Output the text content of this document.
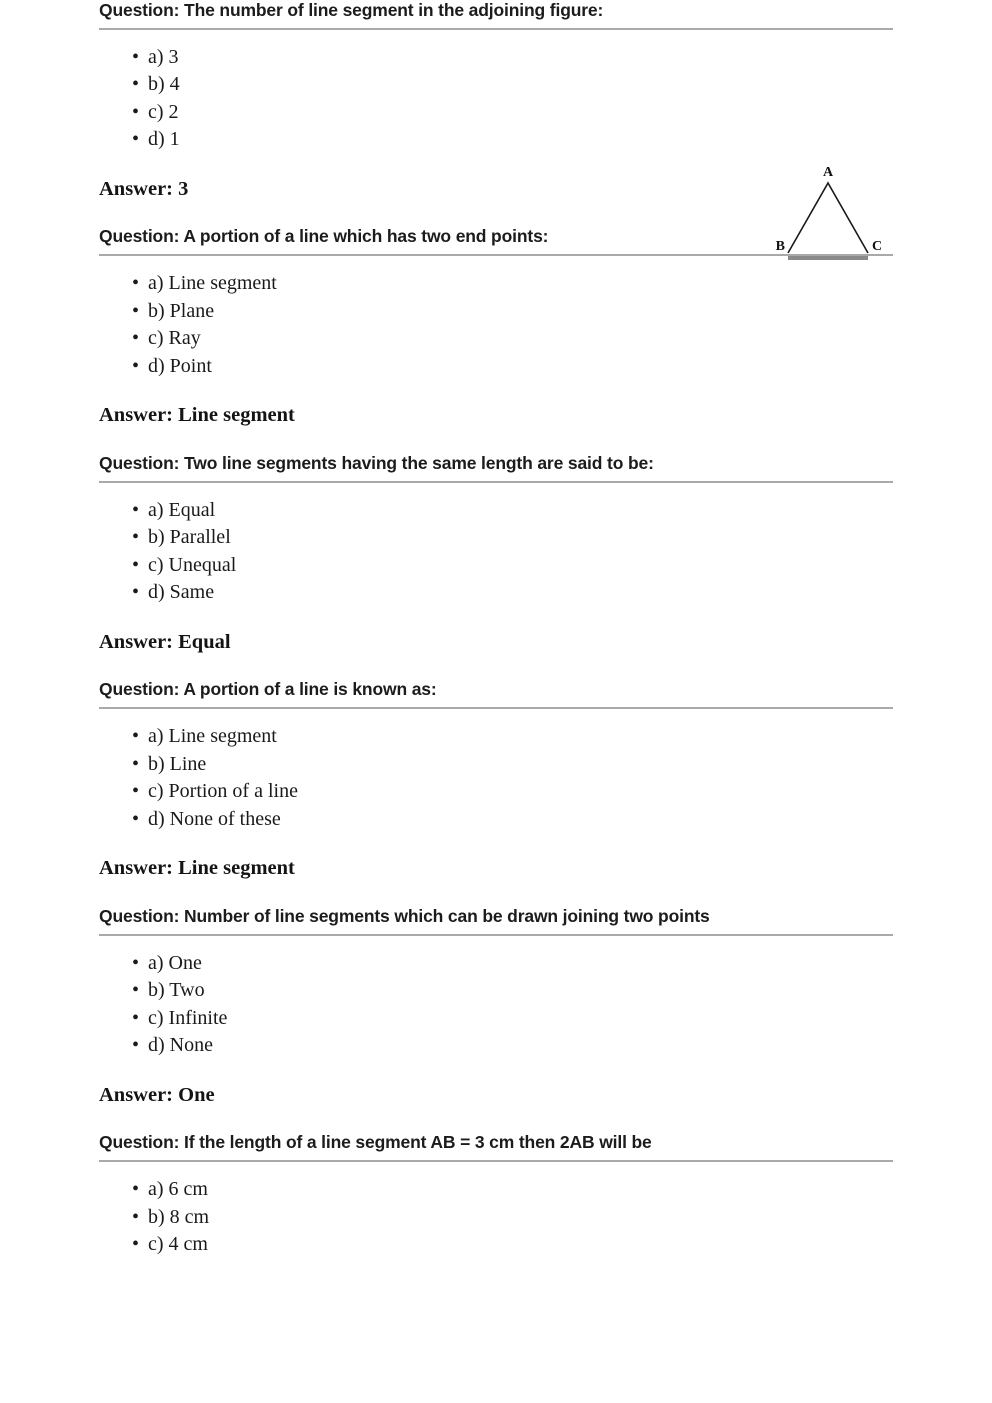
Question: The number of line segment in the adjoining figure:
• a) 3
• b) 4
• c) 2
• d) 1
Answer: 3
Question: A portion of a line which has two end points:
• a) Line segment
• b) Plane
• c) Ray
• d) Point
Answer: Line segment
Question: Two line segments having the same length are said to be:
• a) Equal
• b) Parallel
• c) Unequal
• d) Same
Answer: Equal
Question: A portion of a line is known as:
• a) Line segment
• b) Line
• c) Portion of a line
• d) None of these
Answer: Line segment
Question: Number of line segments which can be drawn joining two points
• a) One
• b) Two
• c) Infinite
• d) None
Answer: One
Question: If the length of a line segment AB = 3 cm then 2AB will be
• a) 6 cm
• b) 8 cm
• c) 4 cm
A
B	C
